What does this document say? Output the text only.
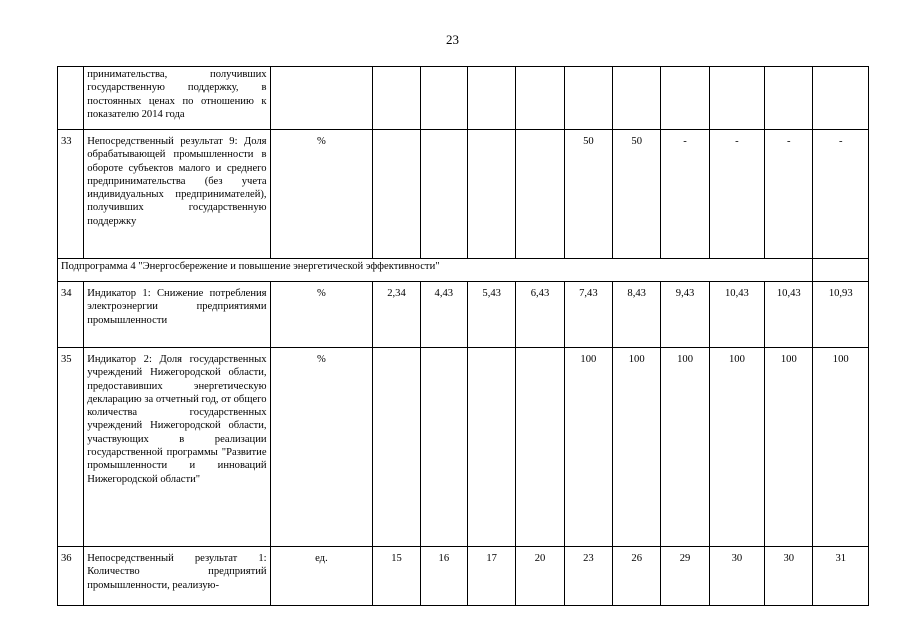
23
	принимательства, получивших государственную поддержку, в постоянных ценах по отношению к показателю 2014 года											
33	Непосредственный результат 9: Доля обрабатывающей промышленности в обороте субъектов малого и среднего предпринимательства (без учета индивидуальных предпринимателей), получивших государственную поддержку	%					50	50	-	-	-	-
Подпрограмма 4 "Энергосбережение и повышение энергетической эффективности"												
34	Индикатор 1: Снижение потребления электроэнергии предприятиями промышленности	%	2,34	4,43	5,43	6,43	7,43	8,43	9,43	10,43	10,43	10,93
35	Индикатор 2: Доля государственных учреждений Нижегородской области, предоставивших энергетическую декларацию за отчетный год, от общего количества государственных учреждений Нижегородской области, участвующих в реализации государственной программы "Развитие промышленности и инноваций Нижегородской области"	%					100	100	100	100	100	100
36	Непосредственный результат 1: Количество предприятий промышленности, реализую-	ед.	15	16	17	20	23	26	29	30	30	31
